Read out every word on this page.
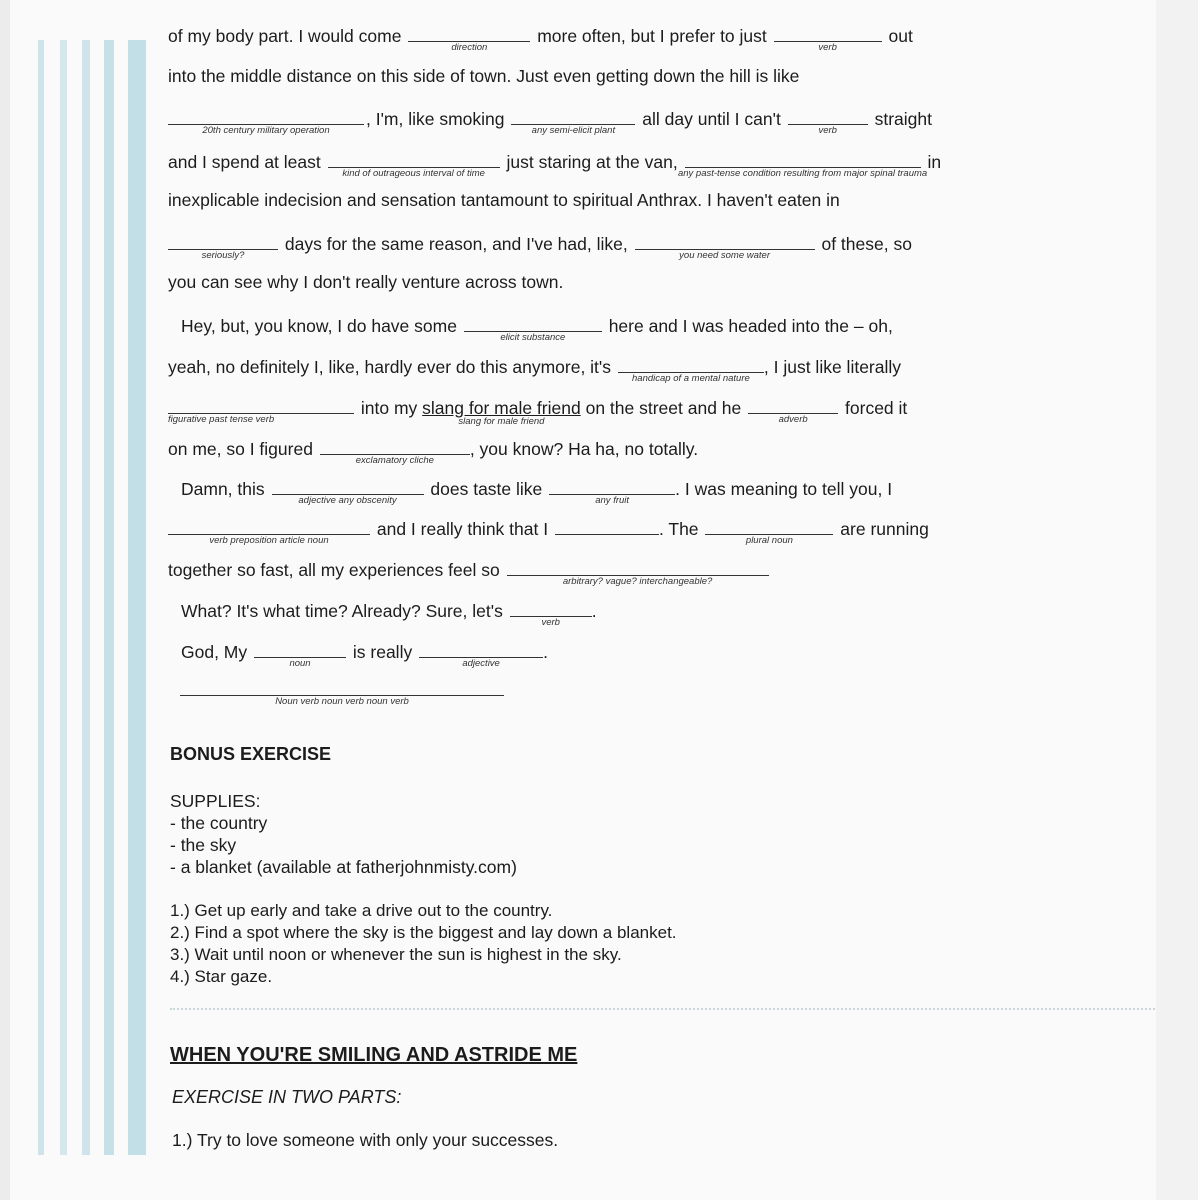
of my body part. I would come
direction
more often, but I prefer to just
verb
out
into the middle distance on this side of town. Just even getting down the hill is like
20th century military operation
, I'm, like smoking
any semi-elicit plant
all day until I can't
verb
straight
and I spend at least
kind of outrageous interval of time
just staring at the van,
any past-tense condition resulting from major spinal trauma
in
inexplicable indecision and sensation tantamount to spiritual Anthrax. I haven't eaten in
seriously?
days for the same reason, and I've had, like,
you need some water
of these, so
you can see why I don't really venture across town.
Hey, but, you know, I do have some
elicit substance
here and I was headed into the – oh,
yeah, no definitely I, like, hardly ever do this anymore, it's
handicap of a mental nature
, I just like literally
figurative past tense verb
into my slang for male friend
slang for male friend
on the street and he
adverb
forced it
on me, so I figured
exclamatory cliche
, you know? Ha ha, no totally.
Damn, this
adjective any obscenity
does taste like
any fruit
. I was meaning to tell you, I
verb preposition article noun
and I really think that I	. The
plural noun
are running
together so fast, all my experiences feel so
arbitrary? vague? interchangeable?
What? It's what time? Already? Sure, let's
verb
.
God, My
noun
is really
adjective
.
Noun verb noun verb noun verb
BONUS EXERCISE
SUPPLIES:
- the country
- the sky
- a blanket (available at fatherjohnmisty.com)
1.) Get up early and take a drive out to the country.
2.) Find a spot where the sky is the biggest and lay down a blanket.
3.) Wait until noon or whenever the sun is highest in the sky.
4.) Star gaze.
WHEN YOU'RE SMILING AND ASTRIDE ME
EXERCISE IN TWO PARTS:
1.) Try to love someone with only your successes.
